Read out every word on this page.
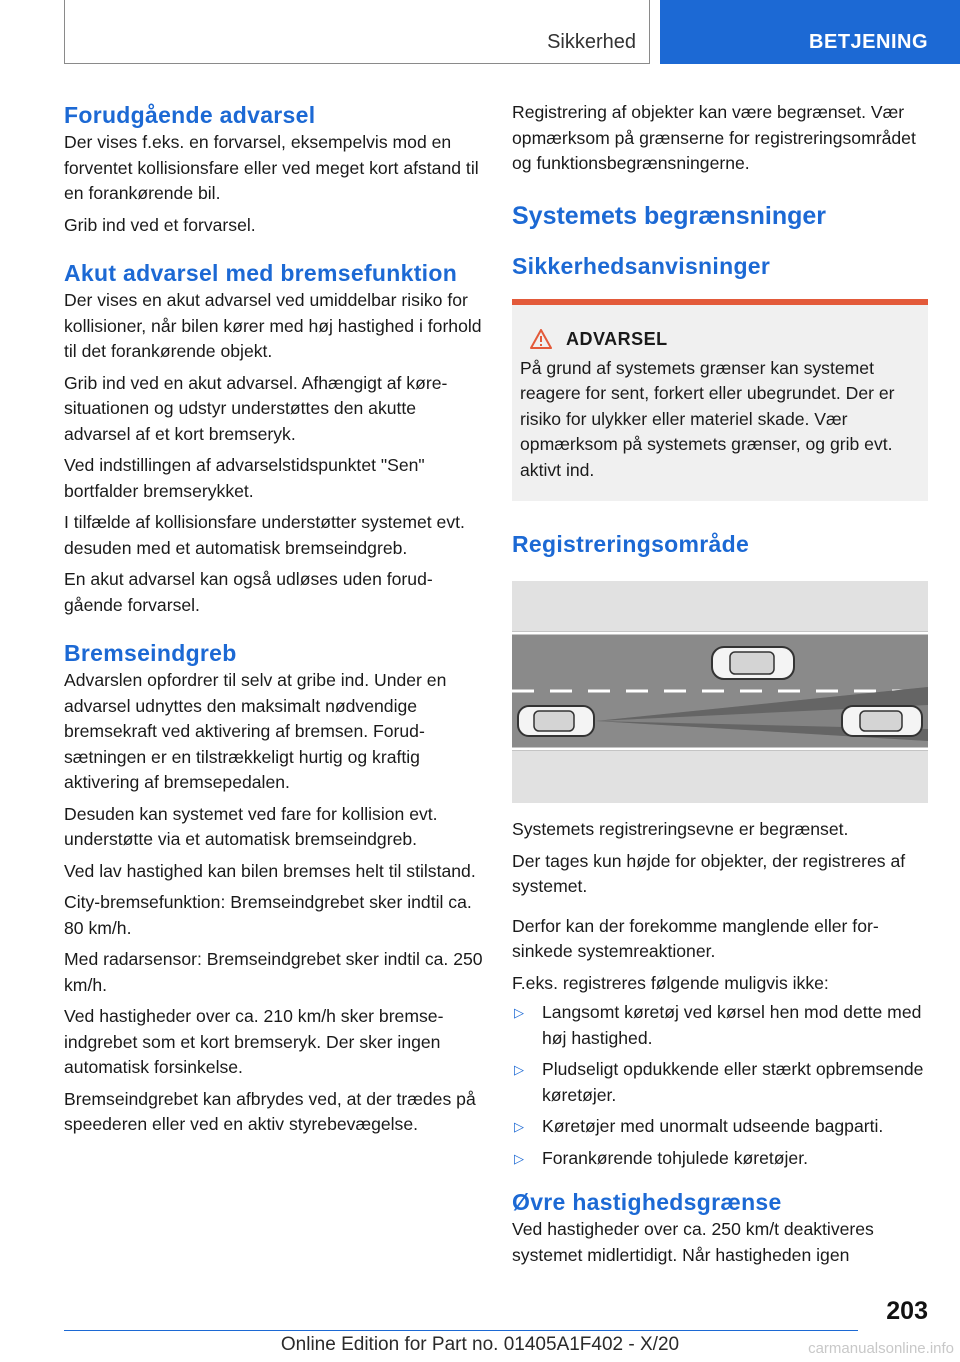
Sikkerhed	BETJENING
Forudgående advarsel

Der vises f.eks. en forvarsel, eksempelvis mod en forventet kollisionsfare eller ved meget kort afstand til en forankørende bil.

Grib ind ved et forvarsel.

Akut advarsel med bremsefunktion

Der vises en akut advarsel ved umiddelbar risiko for kollisioner, når bilen kører med høj hastighed i forhold til det forankørende objekt.

Grib ind ved en akut advarsel. Afhængigt af køresituationen og udstyr understøttes den akutte advarsel af et kort bremseryk.

Ved indstillingen af advarselstidspunktet "Sen" bortfalder bremserykket.

I tilfælde af kollisionsfare understøtter systemet evt. desuden med et automatisk bremseindgreb.

En akut advarsel kan også udløses uden forudgående forvarsel.

Bremseindgreb

Advarslen opfordrer til selv at gribe ind. Under en advarsel udnyttes den maksimalt nødvendige bremsekraft ved aktivering af bremsen. Forudsætningen er en tilstrækkeligt hurtig og kraftig aktivering af bremsepedalen.

Desuden kan systemet ved fare for kollision evt. understøtte via et automatisk bremseindgreb.

Ved lav hastighed kan bilen bremses helt til stilstand.

City-bremsefunktion: Bremseindgrebet sker indtil ca. 80 km/h.

Med radarsensor: Bremseindgrebet sker indtil ca. 250 km/h.

Ved hastigheder over ca. 210 km/h sker bremseindgrebet som et kort bremseryk. Der sker ingen automatisk forsinkelse.

Bremseindgrebet kan afbrydes ved, at der trædes på speederen eller ved en aktiv styrebevægelse.

Registrering af objekter kan være begrænset. Vær opmærksom på grænserne for registreringsområdet og funktionsbegrænsningerne.

Systemets begrænsninger
Sikkerhedsanvisninger
ADVARSEL

På grund af systemets grænser kan systemet reagere for sent, forkert eller ubegrundet. Der er risiko for ulykker eller materiel skade. Vær opmærksom på systemets grænser, og grib evt. aktivt ind.

Registreringsområde

Systemets registreringsevne er begrænset.

Der tages kun højde for objekter, der registreres af systemet.

Derfor kan der forekomme manglende eller forsinkede systemreaktioner.

F.eks. registreres følgende muligvis ikke:

▷ Langsomt køretøj ved kørsel hen mod dette med høj hastighed.
▷ Pludseligt opdukkende eller stærkt opbremsende køretøjer.
▷ Køretøjer med unormalt udseende bagparti.
▷ Forankørende tohjulede køretøjer.
Øvre hastighedsgrænse

Ved hastigheder over ca. 250 km/t deaktiveres systemet midlertidigt. Når hastigheden igen

203
Online Edition for Part no. 01405A1F402 - X/20	carmanualsonline.info
